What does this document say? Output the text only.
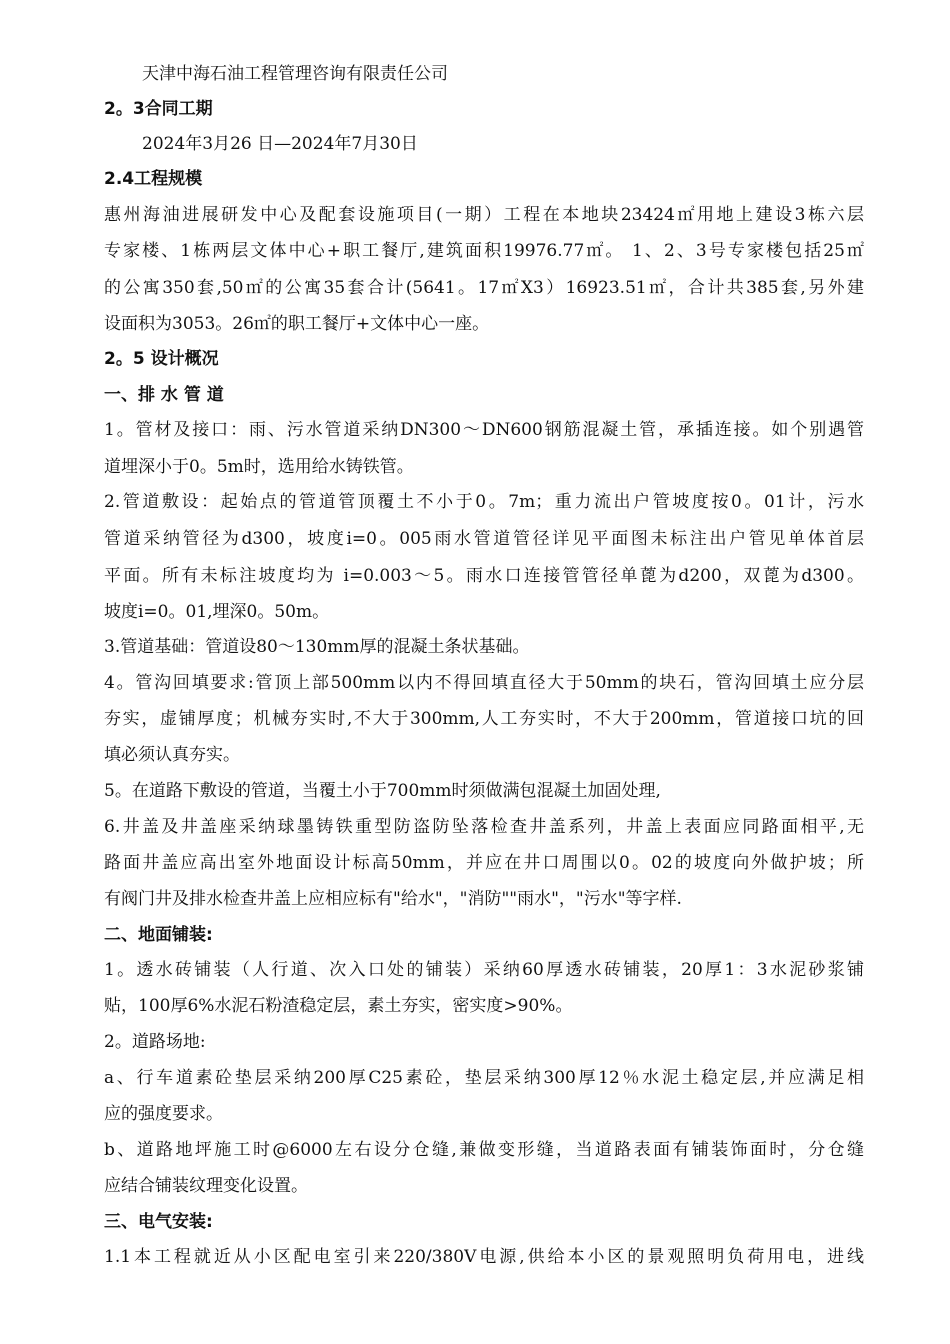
天津中海石油工程管理咨询有限责任公司
2。3合同工期
2024年3月26 日—2024年7月30日
2.4工程规模
惠州海油进展研发中心及配套设施项目(一期）工程在本地块23424㎡用地上建设3栋六层
专家楼、1栋两层文体中心+职工餐厅,建筑面积19976.77㎡。 1、2、3号专家楼包括25㎡
的公寓350套,50㎡的公寓35套合计(5641。17㎡X3）16923.51㎡，合计共385套,另外建
设面积为3053。26㎡的职工餐厅+文体中心一座。
2。5 设计概况
一、排 水 管 道
1。管材及接口：雨、污水管道采纳DN300～DN600钢筋混凝土管，承插连接。如个别遇管
道埋深小于0。5m时，选用给水铸铁管。
2.管道敷设：起始点的管道管顶覆土不小于0。7m；重力流出户管坡度按0。01计，污水
管道采纳管径为d300，坡度i=0。005雨水管道管径详见平面图未标注出户管见单体首层
平面。所有未标注坡度均为 i=0.003～5。雨水口连接管管径单蓖为d200，双蓖为d300。
坡度i=0。01,埋深0。50m。
3.管道基础：管道设80～130mm厚的混凝土条状基础。
4。管沟回填要求:管顶上部500mm以内不得回填直径大于50mm的块石，管沟回填土应分层
夯实，虚铺厚度；机械夯实时,不大于300mm,人工夯实时，不大于200mm，管道接口坑的回
填必须认真夯实。
5。在道路下敷设的管道，当覆土小于700mm时须做满包混凝土加固处理,
6.井盖及井盖座采纳球墨铸铁重型防盗防坠落检查井盖系列，井盖上表面应同路面相平,无
路面井盖应高出室外地面设计标高50mm，并应在井口周围以0。02的坡度向外做护坡；所
有阀门井及排水检查井盖上应相应标有"给水"，"消防""雨水"，"污水"等字样.
二、地面铺装:
1。透水砖铺装（人行道、次入口处的铺装）采纳60厚透水砖铺装，20厚1：3水泥砂浆铺
贴，100厚6%水泥石粉渣稳定层，素土夯实，密实度>90%。
2。道路场地:
a、行车道素砼垫层采纳200厚C25素砼，垫层采纳300厚12％水泥土稳定层,并应满足相
应的强度要求。
b、道路地坪施工时@6000左右设分仓缝,兼做变形缝，当道路表面有铺装饰面时，分仓缝
应结合铺装纹理变化设置。
三、电气安装:
1.1本工程就近从小区配电室引来220/380V电源,供给本小区的景观照明负荷用电，进线
